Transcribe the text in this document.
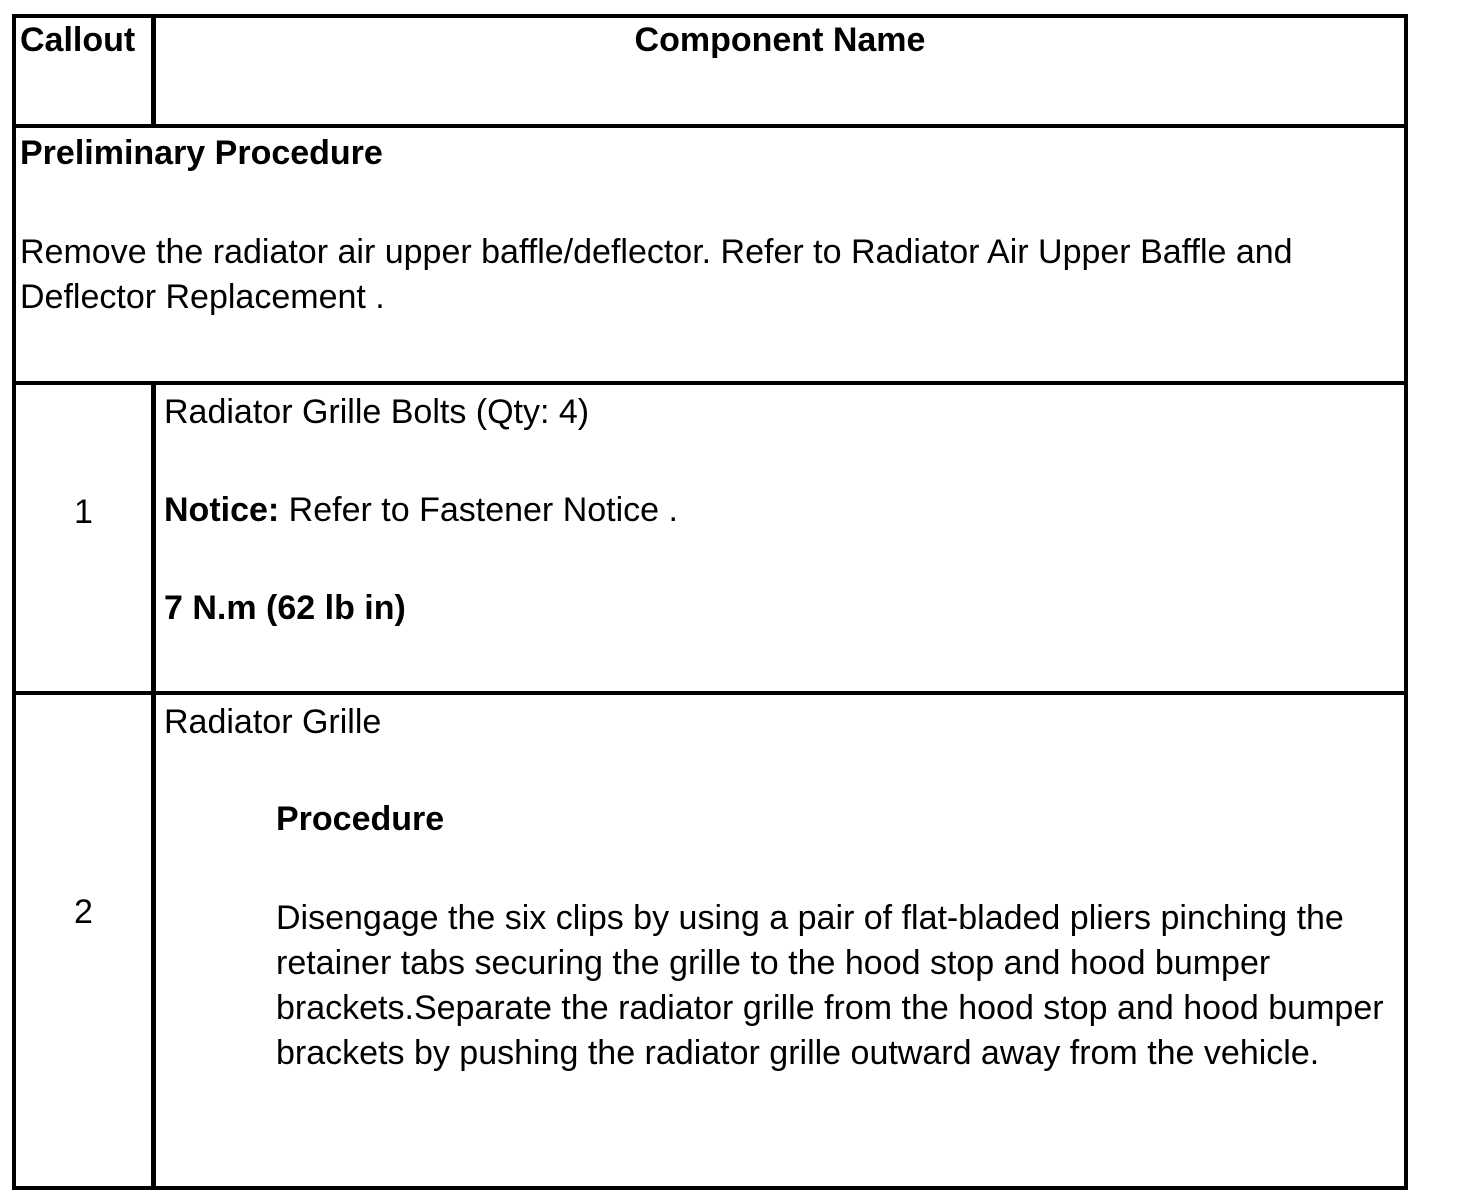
Callout	Component Name
Preliminary Procedure
Remove the radiator air upper baffle/deflector. Refer to Radiator Air Upper Baffle and Deflector Replacement .
1
Radiator Grille Bolts (Qty: 4)
Notice: Refer to Fastener Notice .
7 N.m (62 lb in)
2
Radiator Grille
Procedure
Disengage the six clips by using a pair of flat-bladed pliers pinching the retainer tabs securing the grille to the hood stop and hood bumper brackets.Separate the radiator grille from the hood stop and hood bumper brackets by pushing the radiator grille outward away from the vehicle.
